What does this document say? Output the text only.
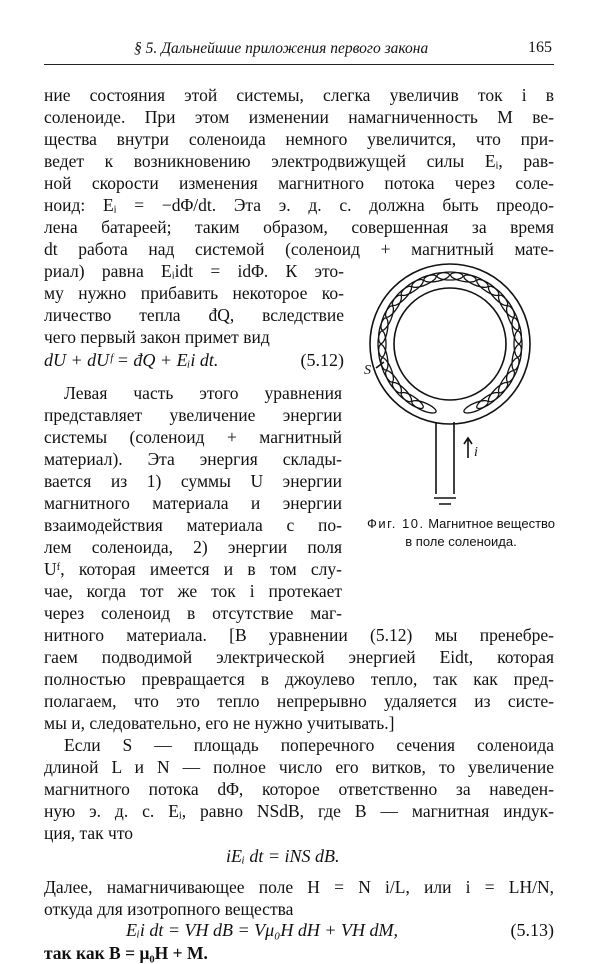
§ 5. Дальнейшие приложения первого закона	165
ние состояния этой системы, слегка увеличив ток i в
соленоиде. При этом изменении намагниченность M ве-
щества внутри соленоида немного увеличится, что при-
ведет к возникновению электродвижущей силы Eᵢ, рав-
ной скорости изменения магнитного потока через соле-
ноид: Eᵢ = −dΦ/dt. Эта э. д. с. должна быть преодо-
лена батареей; таким образом, совершенная за время
dt работа над системой (соленоид + магнитный мате-
риал) равна Eᵢidt = idΦ. К это-
му нужно прибавить некоторое ко-
личество тепла đQ, вследствие
чего первый закон примет вид
dU + dUᶠ = đQ + Eᵢi dt.	(5.12)
Левая часть этого уравнения
представляет увеличение энергии
системы (соленоид + магнитный
материал). Эта энергия склады-
вается из 1) суммы U энергии
магнитного материала и энергии
взаимодействия материала с по-
лем соленоида, 2) энергии поля
Uᶠ, которая имеется и в том слу-
чае, когда тот же ток i протекает
через соленоид в отсутствие маг-
нитного материала. [В уравнении (5.12) мы пренебре-
гаем подводимой электрической энергией Eidt, которая
полностью превращается в джоулево тепло, так как пред-
полагаем, что это тепло непрерывно удаляется из систе-
мы и, следовательно, его не нужно учитывать.]
Если S — площадь поперечного сечения соленоида
длиной L и N — полное число его витков, то увеличение
магнитного потока dΦ, которое ответственно за наведен-
ную э. д. с. Eᵢ, равно NSdB, где B — магнитная индук-
ция, так что
iEᵢ dt = iNS dB.
Далее, намагничивающее поле H = N i/L, или i = LH/N,
откуда для изотропного вещества
Eᵢi dt = VH dB = Vμ₀H dH + VH dM,	(5.13)
так как B = μ₀H + M.
S
i
Фиг. 10. Магнитное вещество в поле соленоида.
